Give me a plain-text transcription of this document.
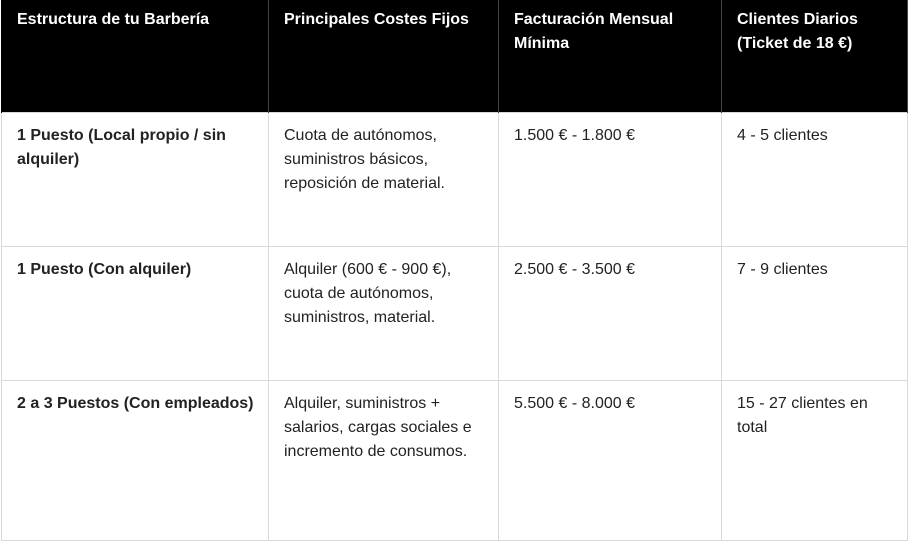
Estructura de tu Barbería	Principales Costes Fijos	Facturación Mensual Mínima	Clientes Diarios (Ticket de 18 €)
1 Puesto (Local propio / sin alquiler)	Cuota de autónomos, suministros básicos, reposición de material.	1.500 € - 1.800 €	4 - 5 clientes
1 Puesto (Con alquiler)	Alquiler (600 € - 900 €), cuota de autónomos, suministros, material.	2.500 € - 3.500 €	7 - 9 clientes
2 a 3 Puestos (Con empleados)	Alquiler, suministros + salarios, cargas sociales e incremento de consumos.	5.500 € - 8.000 €	15 - 27 clientes en total
